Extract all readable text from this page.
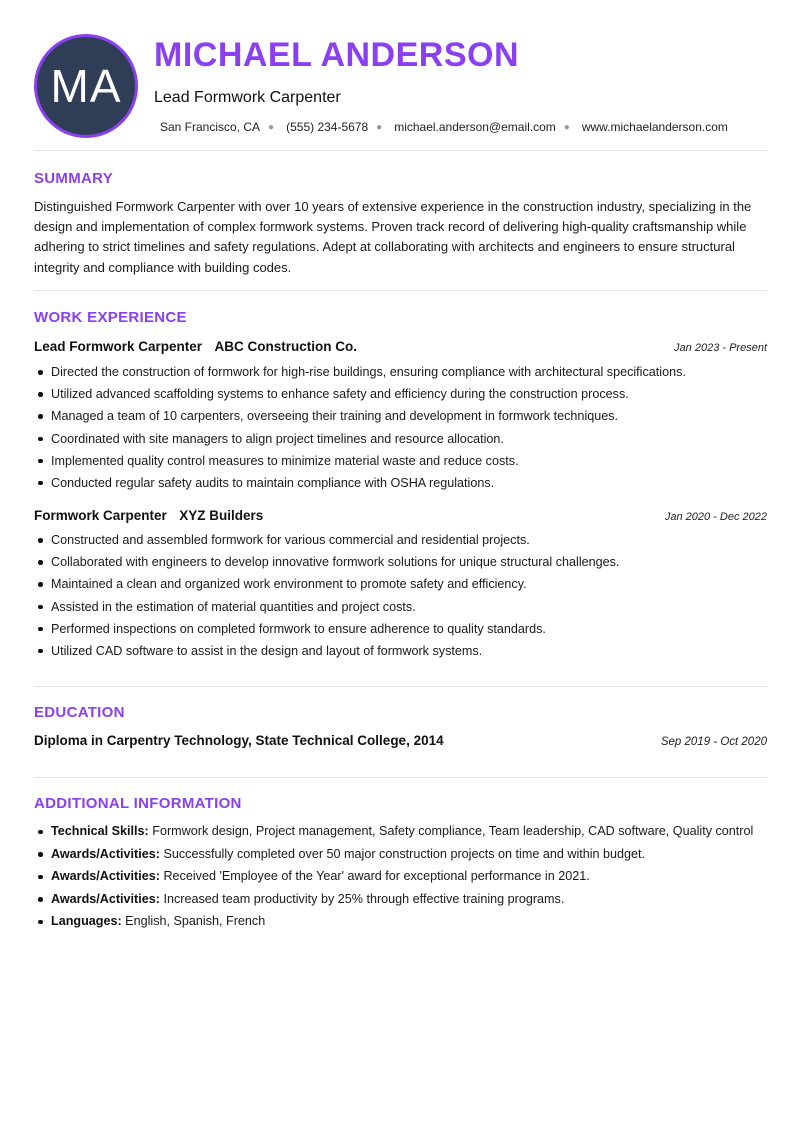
MA
MICHAEL ANDERSON
Lead Formwork Carpenter
San Francisco, CA ● (555) 234-5678 ● michael.anderson@email.com ● www.michaelanderson.com
SUMMARY
Distinguished Formwork Carpenter with over 10 years of extensive experience in the construction industry, specializing in the design and implementation of complex formwork systems. Proven track record of delivering high-quality craftsmanship while adhering to strict timelines and safety regulations. Adept at collaborating with architects and engineers to ensure structural integrity and compliance with building codes.
WORK EXPERIENCE
Lead Formwork Carpenter ABC Construction Co.	Jan 2023 - Present
Directed the construction of formwork for high-rise buildings, ensuring compliance with architectural specifications.
Utilized advanced scaffolding systems to enhance safety and efficiency during the construction process.
Managed a team of 10 carpenters, overseeing their training and development in formwork techniques.
Coordinated with site managers to align project timelines and resource allocation.
Implemented quality control measures to minimize material waste and reduce costs.
Conducted regular safety audits to maintain compliance with OSHA regulations.
Formwork Carpenter XYZ Builders	Jan 2020 - Dec 2022
Constructed and assembled formwork for various commercial and residential projects.
Collaborated with engineers to develop innovative formwork solutions for unique structural challenges.
Maintained a clean and organized work environment to promote safety and efficiency.
Assisted in the estimation of material quantities and project costs.
Performed inspections on completed formwork to ensure adherence to quality standards.
Utilized CAD software to assist in the design and layout of formwork systems.
EDUCATION
Diploma in Carpentry Technology, State Technical College, 2014	Sep 2019 - Oct 2020
ADDITIONAL INFORMATION
Technical Skills: Formwork design, Project management, Safety compliance, Team leadership, CAD software, Quality control
Awards/Activities: Successfully completed over 50 major construction projects on time and within budget.
Awards/Activities: Received 'Employee of the Year' award for exceptional performance in 2021.
Awards/Activities: Increased team productivity by 25% through effective training programs.
Languages: English, Spanish, French
